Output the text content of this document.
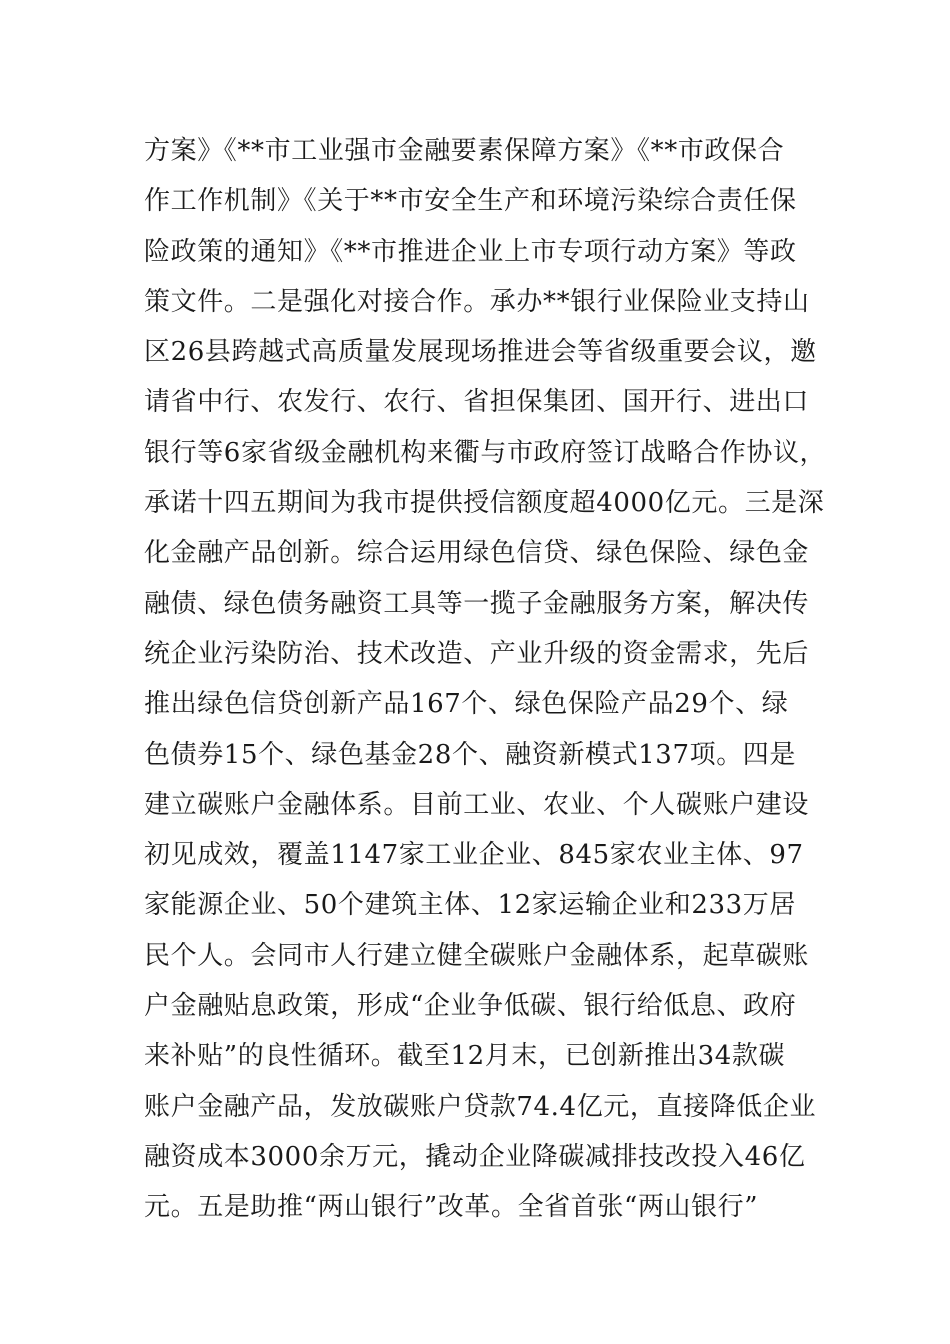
方案》《**市工业强市金融要素保障方案》《**市政保合
作工作机制》《关于**市安全生产和环境污染综合责任保
险政策的通知》《**市推进企业上市专项行动方案》等政
策文件。二是强化对接合作。承办**银行业保险业支持山
区26县跨越式高质量发展现场推进会等省级重要会议，邀
请省中行、农发行、农行、省担保集团、国开行、进出口
银行等6家省级金融机构来衢与市政府签订战略合作协议，
承诺十四五期间为我市提供授信额度超4000亿元。三是深
化金融产品创新。综合运用绿色信贷、绿色保险、绿色金
融债、绿色债务融资工具等一揽子金融服务方案，解决传
统企业污染防治、技术改造、产业升级的资金需求，先后
推出绿色信贷创新产品167个、绿色保险产品29个、绿
色债券15个、绿色基金28个、融资新模式137项。四是
建立碳账户金融体系。目前工业、农业、个人碳账户建设
初见成效，覆盖1147家工业企业、845家农业主体、97
家能源企业、50个建筑主体、12家运输企业和233万居
民个人。会同市人行建立健全碳账户金融体系，起草碳账
户金融贴息政策，形成“企业争低碳、银行给低息、政府
来补贴”的良性循环。截至12月末，已创新推出34款碳
账户金融产品，发放碳账户贷款74.4亿元，直接降低企业
融资成本3000余万元，撬动企业降碳减排技改投入46亿
元。五是助推“两山银行”改革。全省首张“两山银行”
